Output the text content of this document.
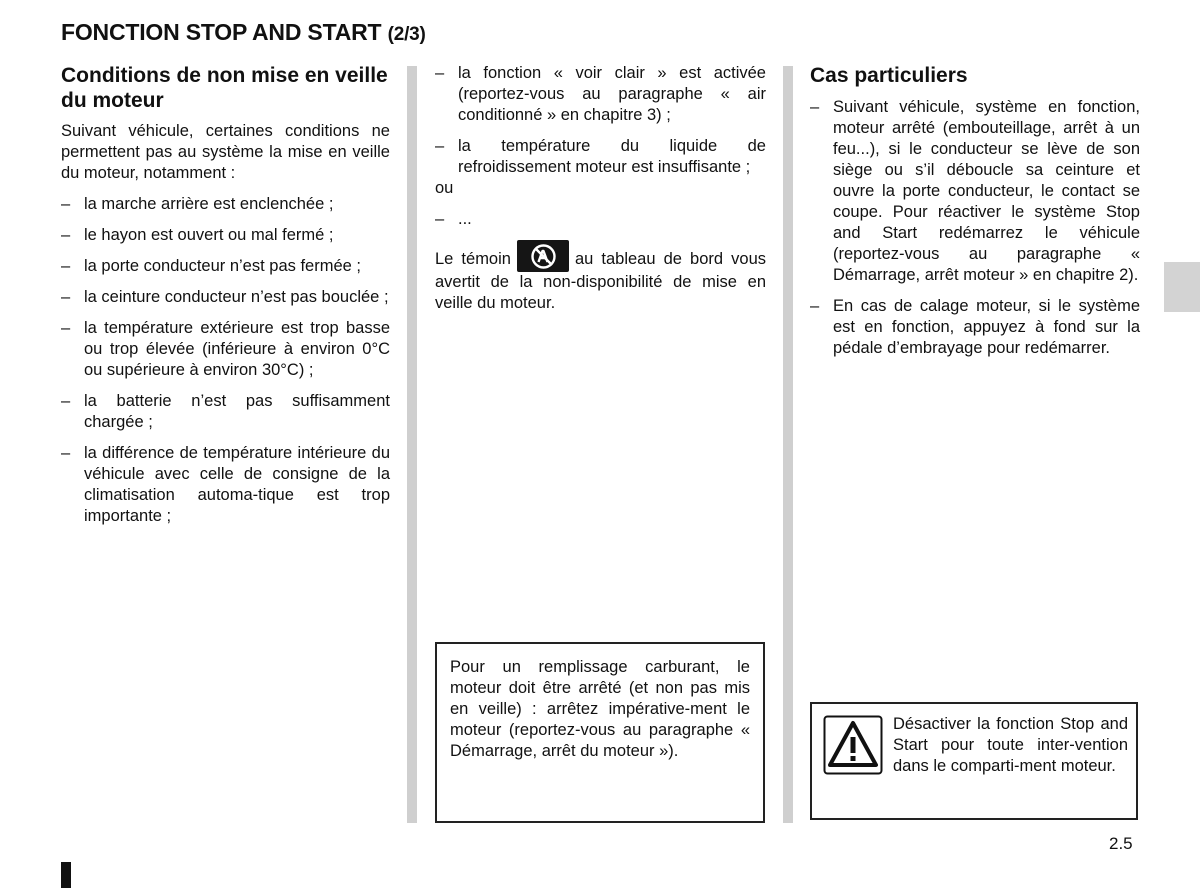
FONCTION STOP AND START (2/3)
Conditions de non mise en veille du moteur

Suivant véhicule, certaines conditions ne permettent pas au système la mise en veille du moteur, notamment :

– la marche arrière est enclenchée ;
– le hayon est ouvert ou mal fermé ;
– la porte conducteur n’est pas fermée ;
– la ceinture conducteur n’est pas bouclée ;
– la température extérieure est trop basse ou trop élevée (inférieure à environ 0°C ou supérieure à environ 30°C) ;
– la batterie n’est pas suffisamment chargée ;
– la différence de température intérieure du véhicule avec celle de consigne de la climatisation automa-tique est trop importante ;
– la fonction « voir clair » est activée (reportez-vous au paragraphe « air conditionné » en chapitre 3) ;
– la température du liquide de refroidissement moteur est insuffisante ;

ou

– ...

Le témoin	au tableau de bord vous avertit de la non-disponibilité de mise en veille du moteur.

Pour un remplissage carburant, le moteur doit être arrêté (et non pas mis en veille) : arrêtez impérative-ment le moteur (reportez-vous au paragraphe « Démarrage, arrêt du moteur »).
Cas particuliers
– Suivant véhicule, système en fonction, moteur arrêté (embouteillage, arrêt à un feu...), si le conducteur se lève de son siège ou s’il déboucle sa ceinture et ouvre la porte conducteur, le contact se coupe. Pour réactiver le système Stop and Start redémarrez le véhicule (reportez-vous au paragraphe « Démarrage, arrêt moteur » en chapitre 2).
– En cas de calage moteur, si le système est en fonction, appuyez à fond sur la pédale d’embrayage pour redémarrer.
Désactiver la fonction Stop and Start pour toute inter-vention dans le comparti-ment moteur.
2.5
